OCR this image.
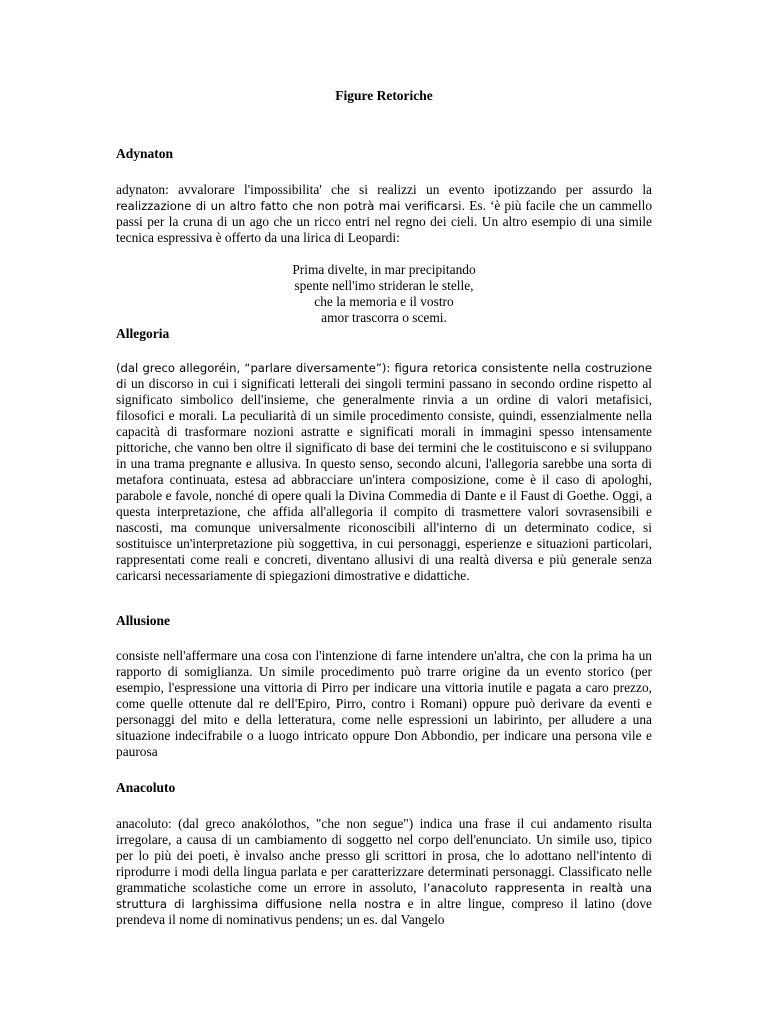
Figure Retoriche
Adynaton
adynaton: avvalorare l'impossibilita' che si realizzi un evento ipotizzando per assurdo la realizzazione di un altro fatto che non potrà mai verificarsi. Es. ‘è più facile che un cammello passi per la cruna di un ago che un ricco entri nel regno dei cieli. Un altro esempio di una simile tecnica espressiva è offerto da una lirica di Leopardi:
Prima divelte, in mar precipitando
spente nell'imo strideran le stelle,
che la memoria e il vostro
amor trascorra o scemi.
Allegoria
(dal greco allegoréin, “parlare diversamente”): figura retorica consistente nella costruzione di un discorso in cui i significati letterali dei singoli termini passano in secondo ordine rispetto al significato simbolico dell'insieme, che generalmente rinvia a un ordine di valori metafisici, filosofici e morali. La peculiarità di un simile procedimento consiste, quindi, essenzialmente nella capacità di trasformare nozioni astratte e significati morali in immagini spesso intensamente pittoriche, che vanno ben oltre il significato di base dei termini che le costituiscono e si sviluppano in una trama pregnante e allusiva. In questo senso, secondo alcuni, l'allegoria sarebbe una sorta di metafora continuata, estesa ad abbracciare un'intera composizione, come è il caso di apologhi, parabole e favole, nonché di opere quali la Divina Commedia di Dante e il Faust di Goethe. Oggi, a questa interpretazione, che affida all'allegoria il compito di trasmettere valori sovrasensibili e nascosti, ma comunque universalmente riconoscibili all'interno di un determinato codice, si sostituisce un'interpretazione più soggettiva, in cui personaggi, esperienze e situazioni particolari, rappresentati come reali e concreti, diventano allusivi di una realtà diversa e più generale senza caricarsi necessariamente di spiegazioni dimostrative e didattiche.
Allusione
consiste nell'affermare una cosa con l'intenzione di farne intendere un'altra, che con la prima ha un rapporto di somiglianza. Un simile procedimento può trarre origine da un evento storico (per esempio, l'espressione una vittoria di Pirro per indicare una vittoria inutile e pagata a caro prezzo, come quelle ottenute dal re dell'Epiro, Pirro, contro i Romani) oppure può derivare da eventi e personaggi del mito e della letteratura, come nelle espressioni un labirinto, per alludere a una situazione indecifrabile o a luogo intricato oppure Don Abbondio, per indicare una persona vile e paurosa
Anacoluto
anacoluto: (dal greco anakólothos, "che non segue") indica una frase il cui andamento risulta irregolare, a causa di un cambiamento di soggetto nel corpo dell'enunciato. Un simile uso, tipico per lo più dei poeti, è invalso anche presso gli scrittori in prosa, che lo adottano nell'intento di riprodurre i modi della lingua parlata e per caratterizzare determinati personaggi. Classificato nelle grammatiche scolastiche come un errore in assoluto, l’anacoluto rappresenta in realtà una struttura di larghissima diffusione nella nostra e in altre lingue, compreso il latino (dove prendeva il nome di nominativus pendens; un es. dal Vangelo
